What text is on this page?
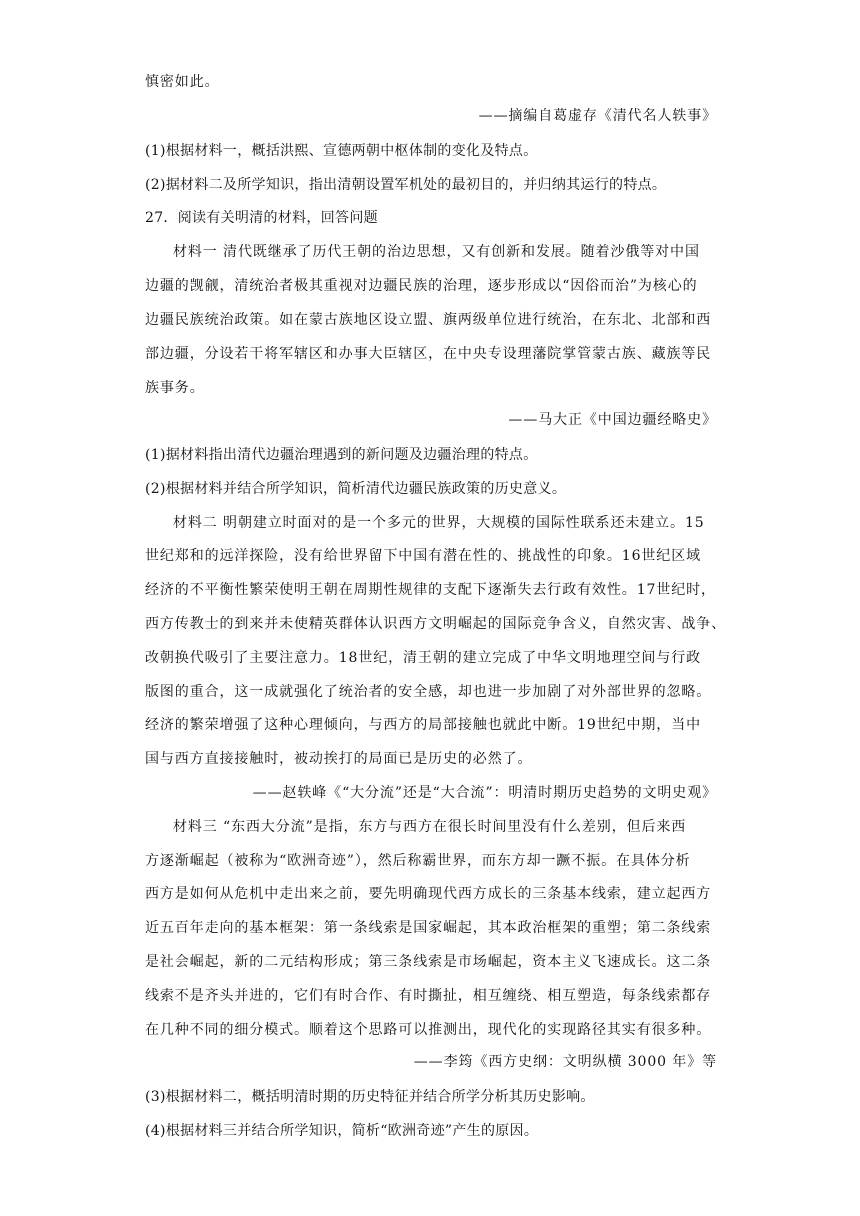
慎密如此。
——摘编自葛虚存《清代名人轶事》
(1)根据材料一，概括洪熙、宣德两朝中枢体制的变化及特点。
(2)据材料二及所学知识，指出清朝设置军机处的最初目的，并归纳其运行的特点。
27．阅读有关明清的材料，回答问题
材料一 清代既继承了历代王朝的治边思想，又有创新和发展。随着沙俄等对中国
边疆的觊觎，清统治者极其重视对边疆民族的治理，逐步形成以“因俗而治”为核心的
边疆民族统治政策。如在蒙古族地区设立盟、旗两级单位进行统治，在东北、北部和西
部边疆，分设若干将军辖区和办事大臣辖区，在中央专设理藩院掌管蒙古族、藏族等民
族事务。
——马大正《中国边疆经略史》
(1)据材料指出清代边疆治理遇到的新问题及边疆治理的特点。
(2)根据材料并结合所学知识，简析清代边疆民族政策的历史意义。
材料二 明朝建立时面对的是一个多元的世界，大规模的国际性联系还未建立。15
世纪郑和的远洋探险，没有给世界留下中国有潜在性的、挑战性的印象。16世纪区域
经济的不平衡性繁荣使明王朝在周期性规律的支配下逐渐失去行政有效性。17世纪时，
西方传教士的到来并未使精英群体认识西方文明崛起的国际竞争含义，自然灾害、战争、
改朝换代吸引了主要注意力。18世纪，清王朝的建立完成了中华文明地理空间与行政
版图的重合，这一成就强化了统治者的安全感，却也进一步加剧了对外部世界的忽略。
经济的繁荣增强了这种心理倾向，与西方的局部接触也就此中断。19世纪中期，当中
国与西方直接接触时，被动挨打的局面已是历史的必然了。
——赵轶峰《“大分流”还是“大合流”：明清时期历史趋势的文明史观》
材料三 “东西大分流”是指，东方与西方在很长时间里没有什么差别，但后来西
方逐渐崛起（被称为“欧洲奇迹”），然后称霸世界，而东方却一蹶不振。在具体分析
西方是如何从危机中走出来之前，要先明确现代西方成长的三条基本线索，建立起西方
近五百年走向的基本框架：第一条线索是国家崛起，其本政治框架的重塑；第二条线索
是社会崛起，新的二元结构形成；第三条线索是市场崛起，资本主义飞速成长。这二条
线索不是齐头并进的，它们有时合作、有时撕扯，相互缠绕、相互塑造，每条线索都存
在几种不同的细分模式。顺着这个思路可以推测出，现代化的实现路径其实有很多种。
——李筠《西方史纲：文明纵横 3000 年》等
(3)根据材料二，概括明清时期的历史特征并结合所学分析其历史影响。
(4)根据材料三并结合所学知识，简析“欧洲奇迹”产生的原因。
